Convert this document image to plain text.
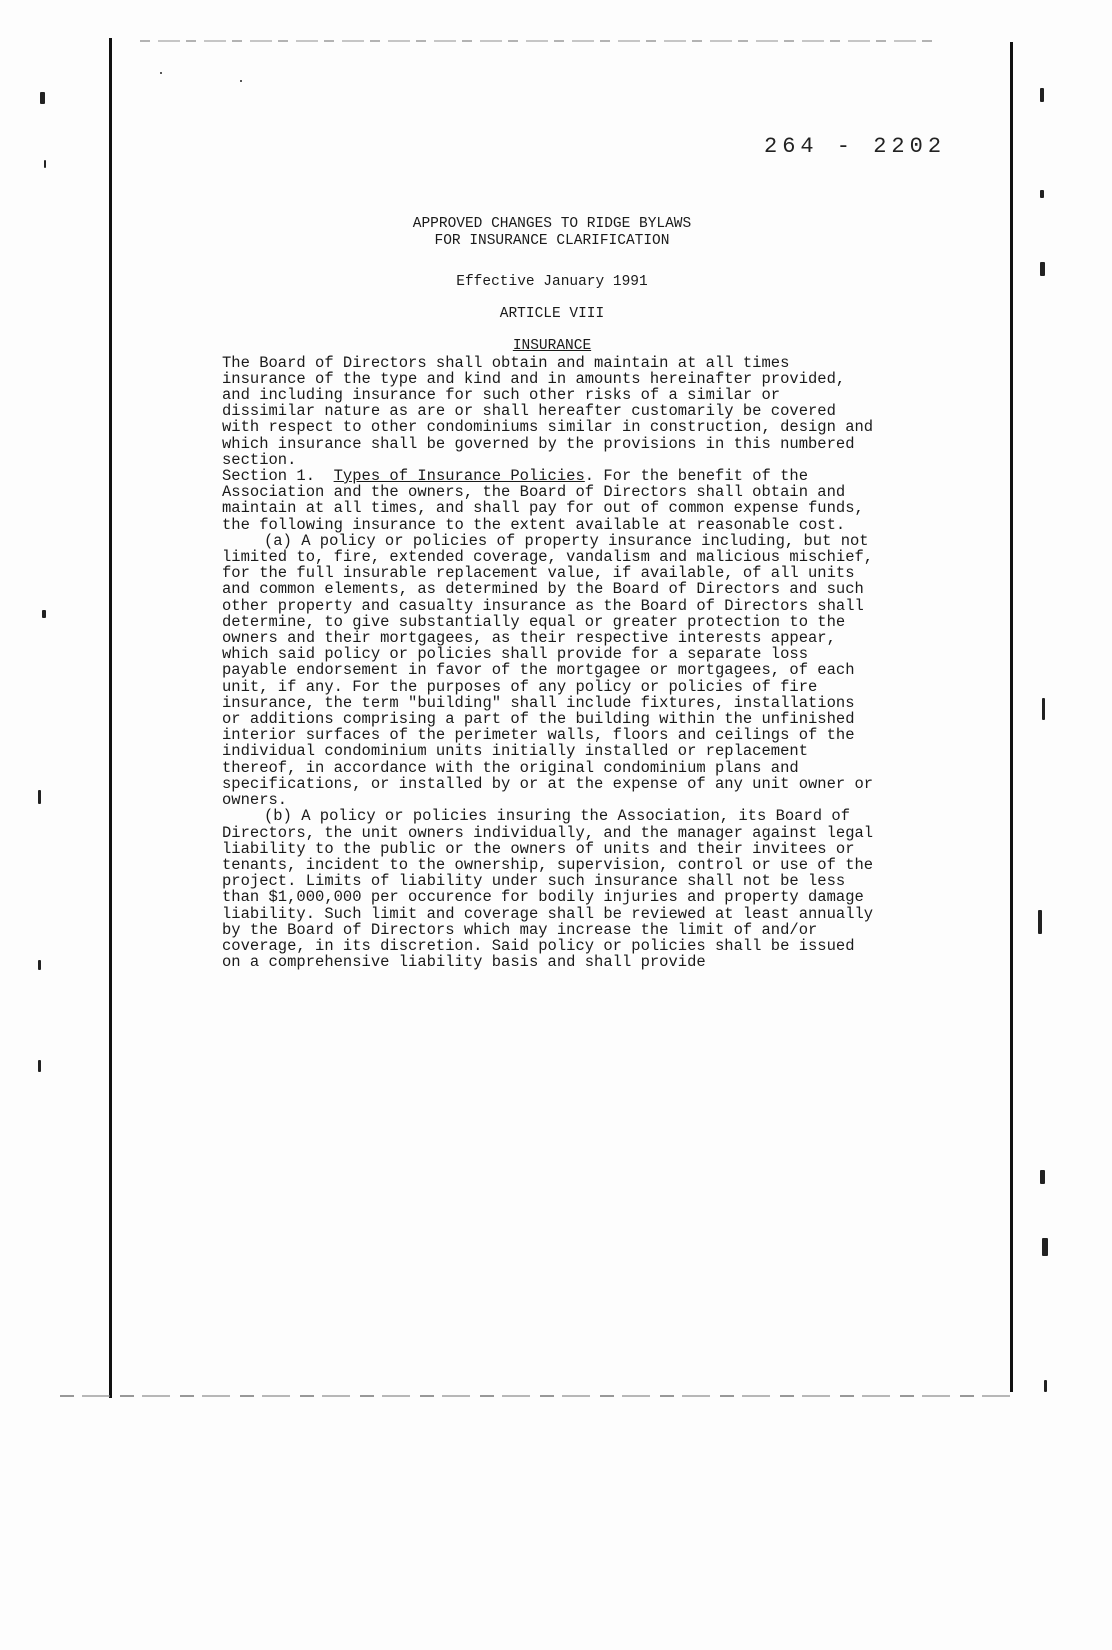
264 - 2202

APPROVED CHANGES TO RIDGE BYLAWS

FOR INSURANCE CLARIFICATION

Effective January 1991

ARTICLE VIII

INSURANCE

The Board of Directors shall obtain and maintain at all times insurance of the type and kind and in amounts hereinafter provided, and including insurance for such other risks of a similar or dissimilar nature as are or shall hereafter customarily be covered with respect to other condominiums similar in construction, design and which insurance shall be governed by the provisions in this numbered section.

Section 1. Types of Insurance Policies. For the benefit of the Association and the owners, the Board of Directors shall obtain and maintain at all times, and shall pay for out of common expense funds, the following insurance to the extent available at reasonable cost.

(a) A policy or policies of property insurance including, but not limited to, fire, extended coverage, vandalism and malicious mischief, for the full insurable replacement value, if available, of all units and common elements, as determined by the Board of Directors and such other property and casualty insurance as the Board of Directors shall determine, to give substantially equal or greater protection to the owners and their mortgagees, as their respective interests appear, which said policy or policies shall provide for a separate loss payable endorsement in favor of the mortgagee or mortgagees, of each unit, if any. For the purposes of any policy or policies of fire insurance, the term "building" shall include fixtures, installations or additions comprising a part of the building within the unfinished interior surfaces of the perimeter walls, floors and ceilings of the individual condominium units initially installed or replacement thereof, in accordance with the original condominium plans and specifications, or installed by or at the expense of any unit owner or owners.

(b) A policy or policies insuring the Association, its Board of Directors, the unit owners individually, and the manager against legal liability to the public or the owners of units and their invitees or tenants, incident to the ownership, supervision, control or use of the project. Limits of liability under such insurance shall not be less than $1,000,000 per occurence for bodily injuries and property damage liability. Such limit and coverage shall be reviewed at least annually by the Board of Directors which may increase the limit of and/or coverage, in its discretion. Said policy or policies shall be issued on a comprehensive liability basis and shall provide
